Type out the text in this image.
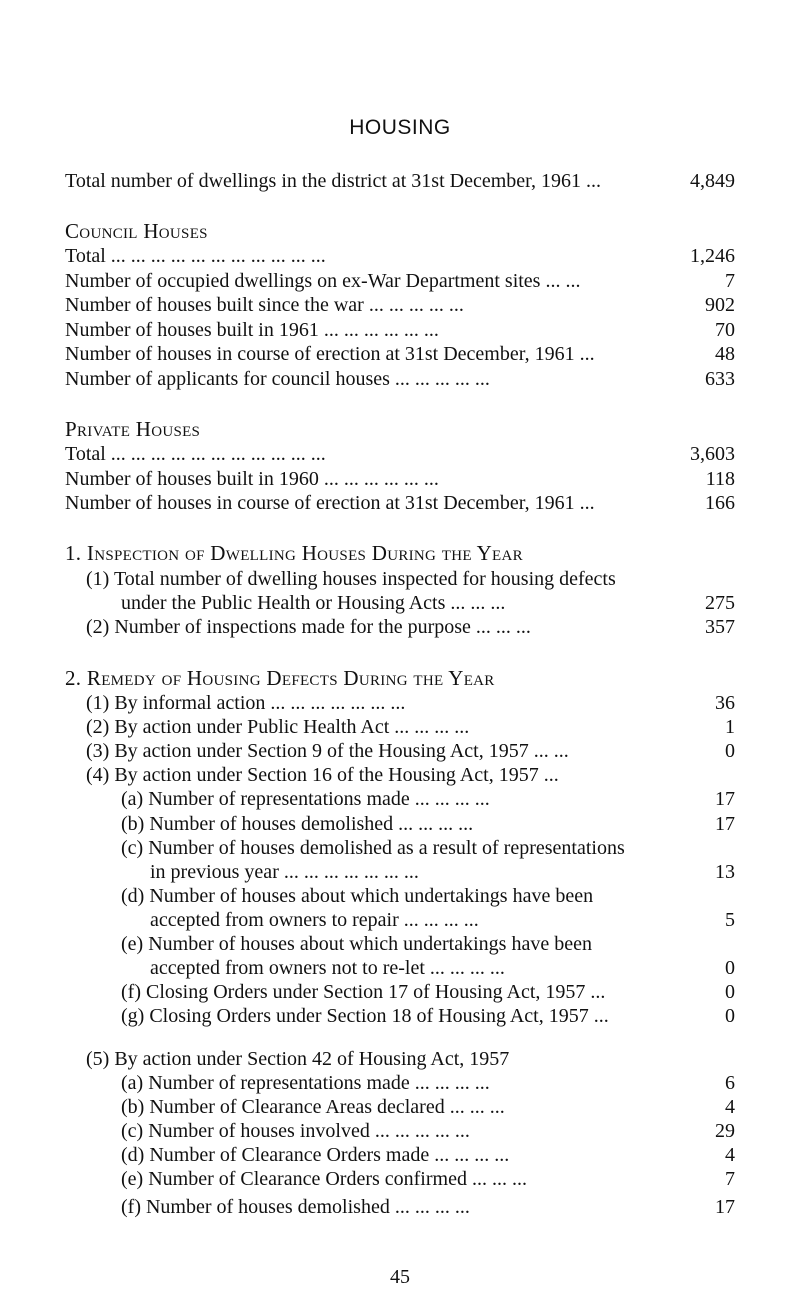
HOUSING
Total number of dwellings in the district at 31st December, 1961 ...	4,849
Council Houses
Total ... ... ... ... ... ... ... ... ... ... ...	1,246
Number of occupied dwellings on ex-War Department sites ... ...	7
Number of houses built since the war ... ... ... ... ...	902
Number of houses built in 1961 ... ... ... ... ... ...	70
Number of houses in course of erection at 31st December, 1961 ...	48
Number of applicants for council houses ... ... ... ... ...	633
Private Houses
Total ... ... ... ... ... ... ... ... ... ... ...	3,603
Number of houses built in 1960 ... ... ... ... ... ...	118
Number of houses in course of erection at 31st December, 1961 ...	166
1. Inspection of Dwelling Houses During the Year
(1) Total number of dwelling houses inspected for housing defects
under the Public Health or Housing Acts ... ... ...	275
(2) Number of inspections made for the purpose ... ... ...	357
2. Remedy of Housing Defects During the Year
(1) By informal action ... ... ... ... ... ... ...	36
(2) By action under Public Health Act ... ... ... ...	1
(3) By action under Section 9 of the Housing Act, 1957 ... ...	0
(4) By action under Section 16 of the Housing Act, 1957 ...
(a) Number of representations made ... ... ... ...	17
(b) Number of houses demolished ... ... ... ...	17
(c) Number of houses demolished as a result of representations
in previous year ... ... ... ... ... ... ...	13
(d) Number of houses about which undertakings have been
accepted from owners to repair ... ... ... ...	5
(e) Number of houses about which undertakings have been
accepted from owners not to re-let ... ... ... ...	0
(f) Closing Orders under Section 17 of Housing Act, 1957 ...	0
(g) Closing Orders under Section 18 of Housing Act, 1957 ...	0
(5) By action under Section 42 of Housing Act, 1957
(a) Number of representations made ... ... ... ...	6
(b) Number of Clearance Areas declared ... ... ...	4
(c) Number of houses involved ... ... ... ... ...	29
(d) Number of Clearance Orders made ... ... ... ...	4
(e) Number of Clearance Orders confirmed ... ... ...	7
(f) Number of houses demolished ... ... ... ...	17
45
